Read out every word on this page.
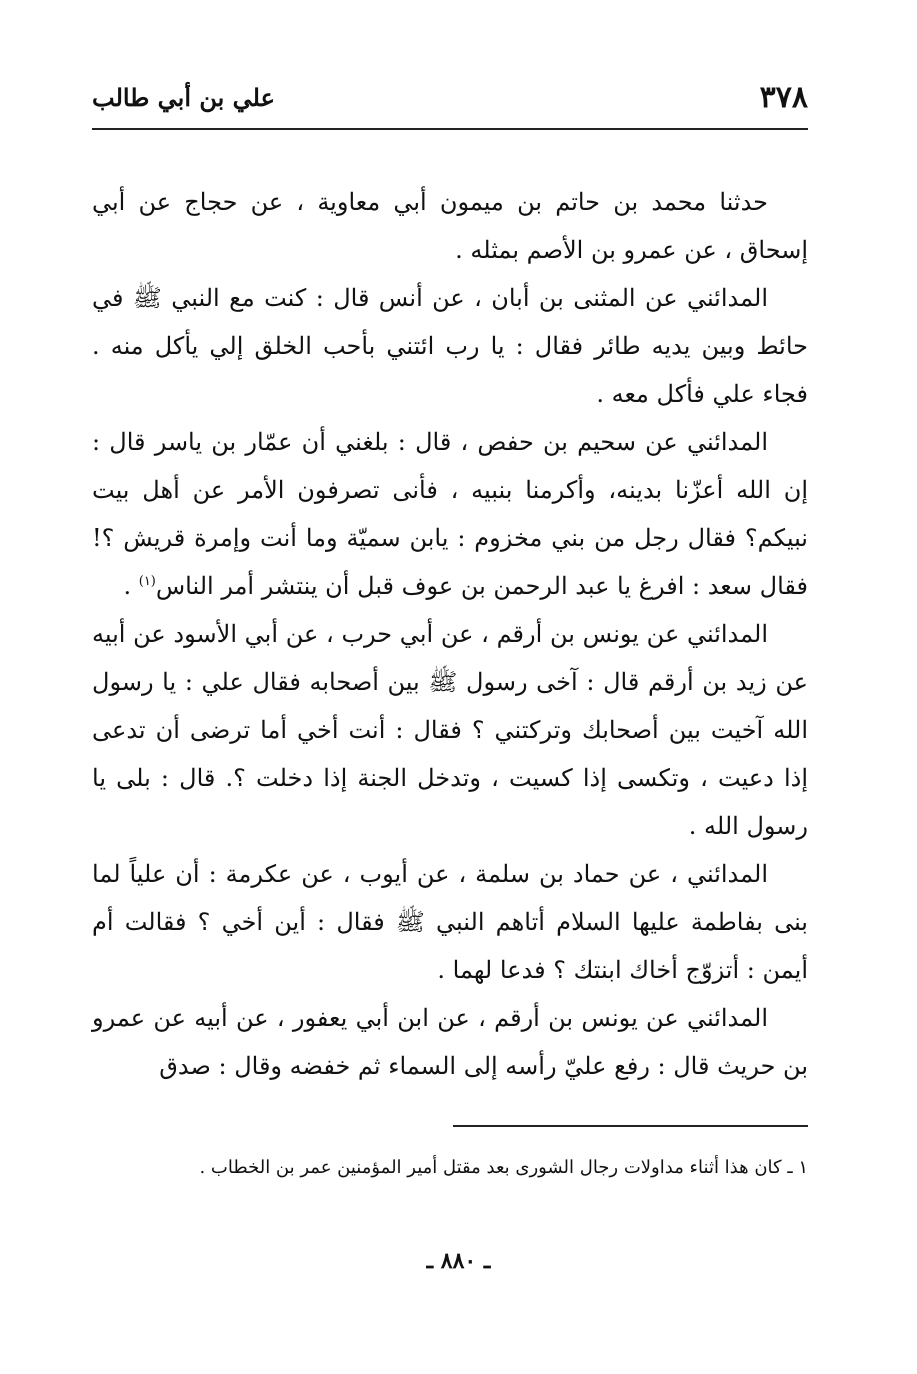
٣٧٨
علي بن أبي طالب

حدثنا محمد بن حاتم بن ميمون أبي معاوية ، عن حجاج عن أبي إسحاق ، عن عمرو بن الأصم بمثله .

المدائني عن المثنى بن أبان ، عن أنس قال : كنت مع النبي ﷺ في حائط وبين يديه طائر فقال : يا رب ائتني بأحب الخلق إلي يأكل منه . فجاء علي فأكل معه .

المدائني عن سحيم بن حفص ، قال : بلغني أن عمّار بن ياسر قال : إن الله أعزّنا بدينه، وأكرمنا بنبيه ، فأنى تصرفون الأمر عن أهل بيت نبيكم؟ فقال رجل من بني مخزوم : يابن سميّة وما أنت وإمرة قريش ؟! فقال سعد : افرغ يا عبد الرحمن بن عوف قبل أن ينتشر أمر الناس$^{(١)}$ .

المدائني عن يونس بن أرقم ، عن أبي حرب ، عن أبي الأسود عن أبيه عن زيد بن أرقم قال : آخى رسول ﷺ بين أصحابه فقال علي : يا رسول الله آخيت بين أصحابك وتركتني ؟ فقال : أنت أخي أما ترضى أن تدعى إذا دعيت ، وتكسى إذا كسيت ، وتدخل الجنة إذا دخلت ؟. قال : بلى يا رسول الله .

المدائني ، عن حماد بن سلمة ، عن أيوب ، عن عكرمة : أن علياً لما بنى بفاطمة عليها السلام أتاهم النبي ﷺ فقال : أين أخي ؟ فقالت أم أيمن : أتزوّج أخاك ابنتك ؟ فدعا لهما .

المدائني عن يونس بن أرقم ، عن ابن أبي يعفور ، عن أبيه عن عمرو بن حريث قال : رفع عليّ رأسه إلى السماء ثم خفضه وقال : صدق

١ ـ كان هذا أثناء مداولات رجال الشورى بعد مقتل أمير المؤمنين عمر بن الخطاب .
ـ ٨٨٠ ـ
